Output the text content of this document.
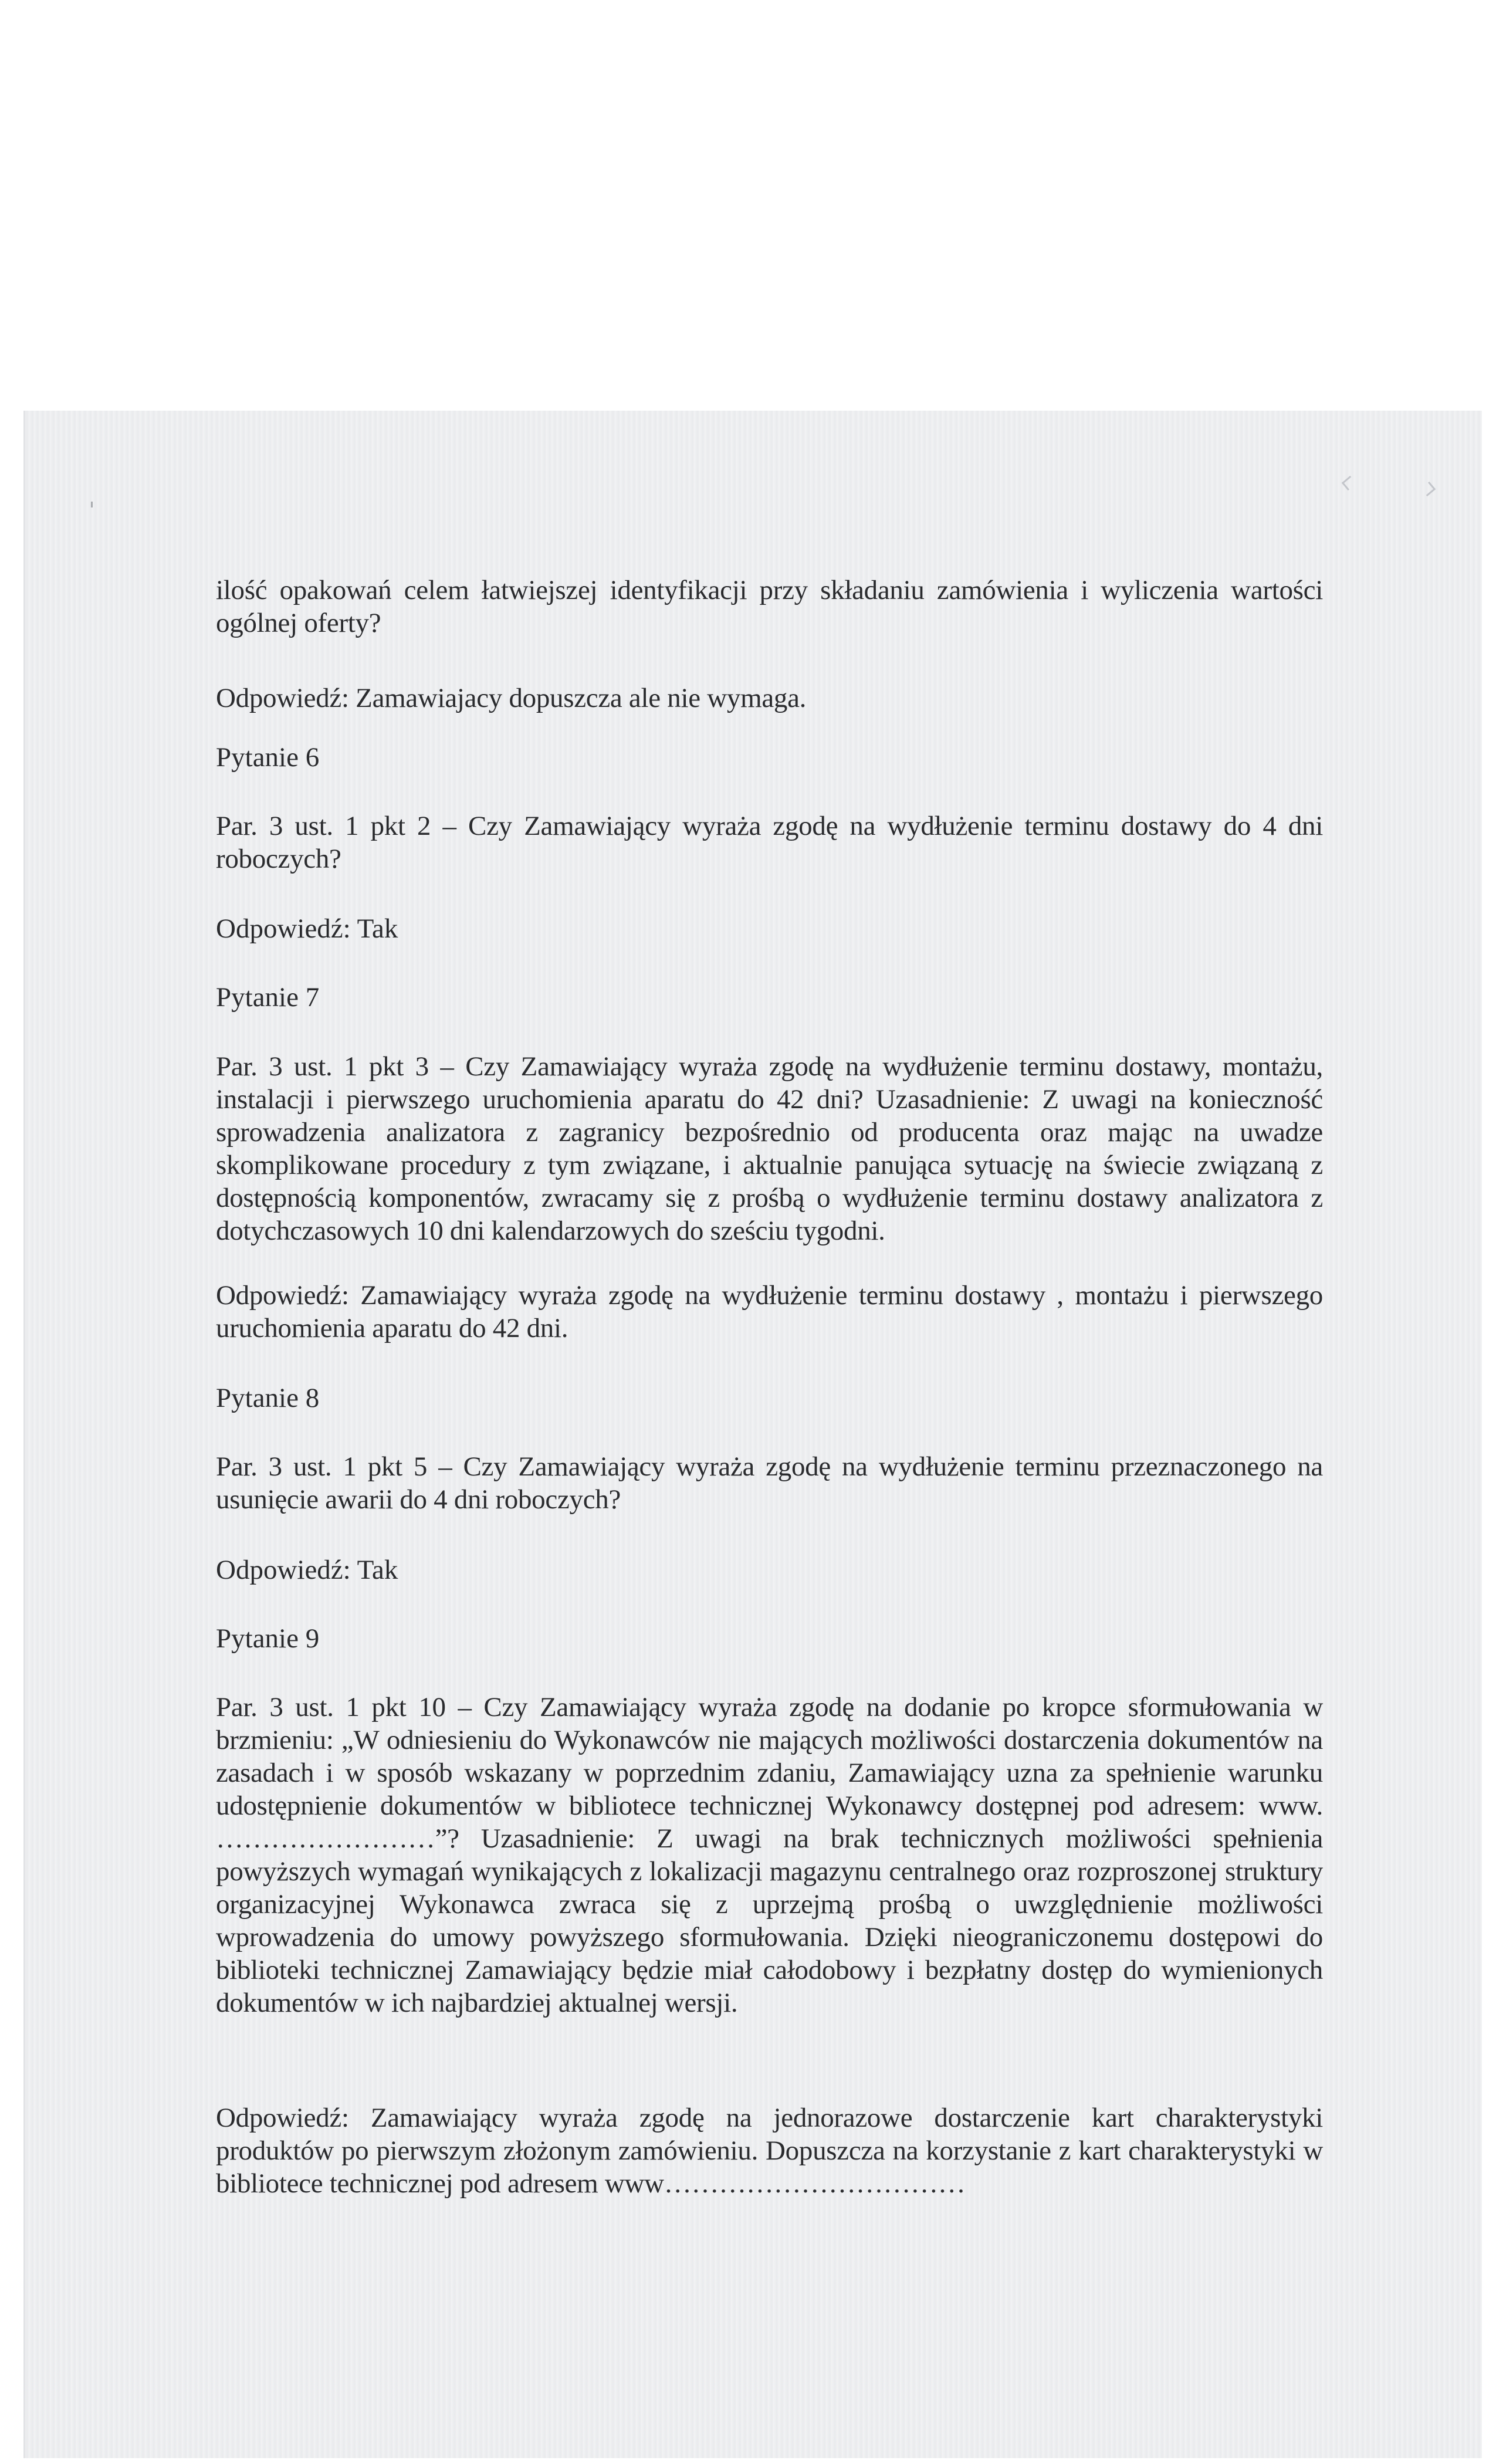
ilość opakowań celem łatwiejszej identyfikacji przy składaniu zamówienia i wyliczenia wartości ogólnej oferty?
Odpowiedź: Zamawiajacy dopuszcza ale nie wymaga.
Pytanie 6
Par. 3 ust. 1 pkt 2 – Czy Zamawiający wyraża zgodę na wydłużenie terminu dostawy do 4 dni roboczych?
Odpowiedź: Tak
Pytanie 7
Par. 3 ust. 1 pkt 3 – Czy Zamawiający wyraża zgodę na wydłużenie terminu dostawy, montażu, instalacji i pierwszego uruchomienia aparatu do 42 dni? Uzasadnienie: Z uwagi na konieczność sprowadzenia analizatora z zagranicy bezpośrednio od producenta oraz mając na uwadze skomplikowane procedury z tym związane, i aktualnie panująca sytuację na świecie związaną z dostępnością komponentów, zwracamy się z prośbą o wydłużenie terminu dostawy analizatora z dotychczasowych 10 dni kalendarzowych do sześciu tygodni.
Odpowiedź: Zamawiający wyraża zgodę na wydłużenie terminu dostawy , montażu i pierwszego uruchomienia aparatu do 42 dni.
Pytanie 8
Par. 3 ust. 1 pkt 5 – Czy Zamawiający wyraża zgodę na wydłużenie terminu przeznaczonego na usunięcie awarii do 4 dni roboczych?
Odpowiedź: Tak
Pytanie 9
Par. 3 ust. 1 pkt 10 – Czy Zamawiający wyraża zgodę na dodanie po kropce sformułowania w brzmieniu: „W odniesieniu do Wykonawców nie mających możliwości dostarczenia dokumentów na zasadach i w sposób wskazany w poprzednim zdaniu, Zamawiający uzna za spełnienie warunku udostępnienie dokumentów w bibliotece technicznej Wykonawcy dostępnej pod adresem: www. ……………………”? Uzasadnienie: Z uwagi na brak technicznych możliwości spełnienia powyższych wymagań wynikających z lokalizacji magazynu centralnego oraz rozproszonej struktury organizacyjnej Wykonawca zwraca się z uprzejmą prośbą o uwzględnienie możliwości wprowadzenia do umowy powyższego sformułowania. Dzięki nieograniczonemu dostępowi do biblioteki technicznej Zamawiający będzie miał całodobowy i bezpłatny dostęp do wymienionych dokumentów w ich najbardziej aktualnej wersji.
Odpowiedź: Zamawiający wyraża zgodę na jednorazowe dostarczenie kart charakterystyki produktów po pierwszym złożonym zamówieniu. Dopuszcza na korzystanie z kart charakterystyki w bibliotece technicznej pod adresem www……………………………
